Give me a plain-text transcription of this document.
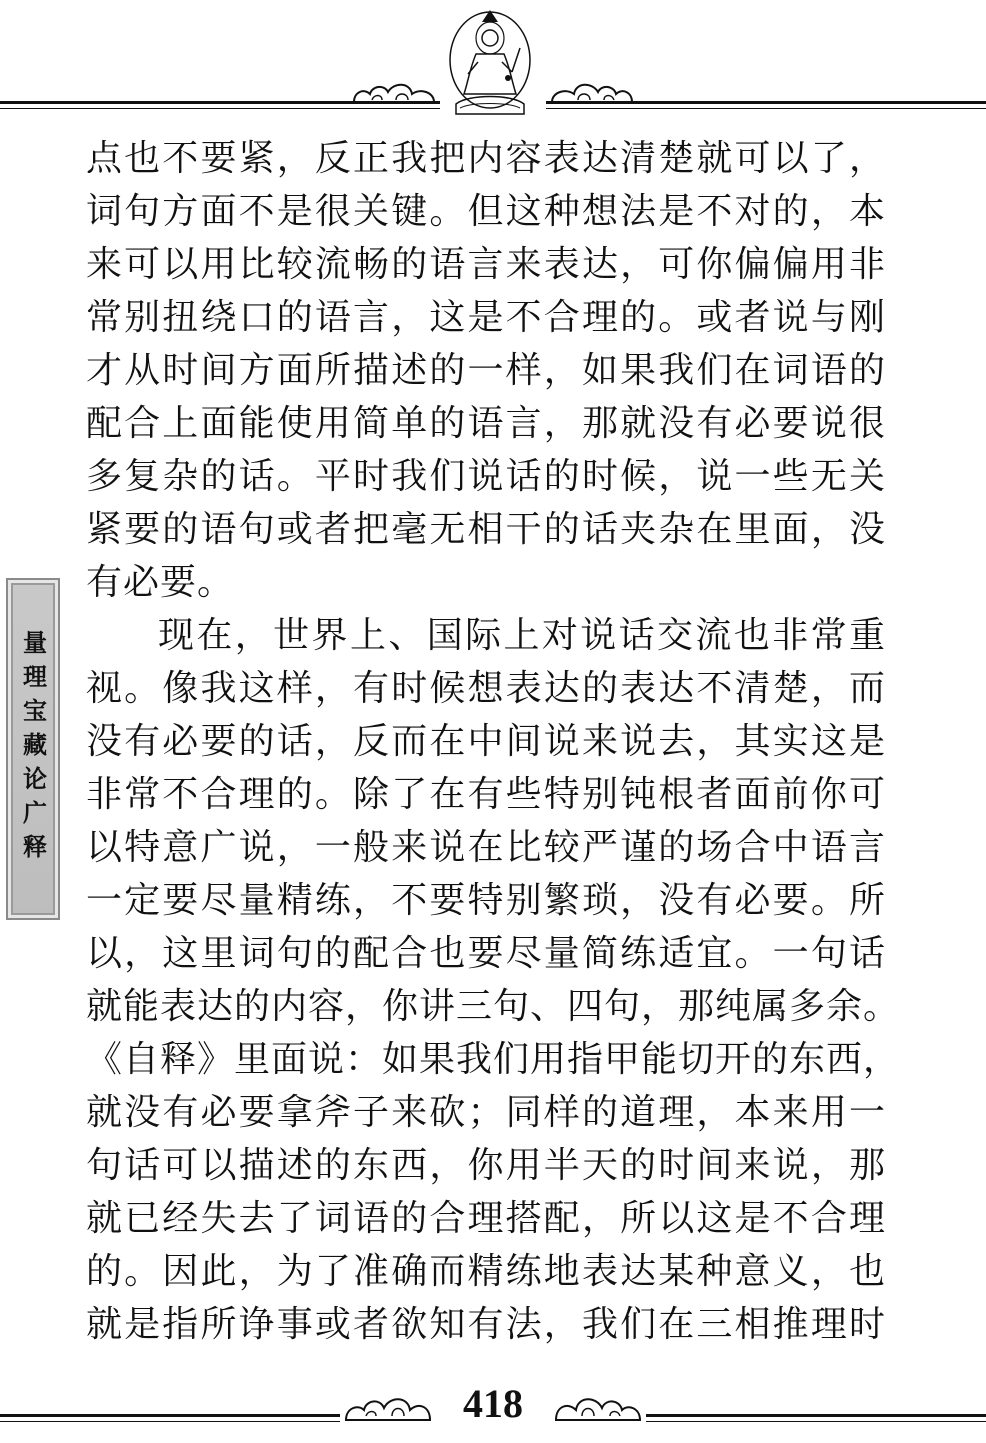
量理宝藏论广释
点也不要紧，反正我把内容表达清楚就可以了，
词句方面不是很关键。但这种想法是不对的，本
来可以用比较流畅的语言来表达，可你偏偏用非
常别扭绕口的语言，这是不合理的。或者说与刚
才从时间方面所描述的一样，如果我们在词语的
配合上面能使用简单的语言，那就没有必要说很
多复杂的话。平时我们说话的时候，说一些无关
紧要的语句或者把毫无相干的话夹杂在里面，没
有必要。
现在，世界上、国际上对说话交流也非常重
视。像我这样，有时候想表达的表达不清楚，而
没有必要的话，反而在中间说来说去，其实这是
非常不合理的。除了在有些特别钝根者面前你可
以特意广说，一般来说在比较严谨的场合中语言
一定要尽量精练，不要特别繁琐，没有必要。所
以，这里词句的配合也要尽量简练适宜。一句话
就能表达的内容，你讲三句、四句，那纯属多余。
《自释》里面说：如果我们用指甲能切开的东西，
就没有必要拿斧子来砍；同样的道理，本来用一
句话可以描述的东西，你用半天的时间来说，那
就已经失去了词语的合理搭配，所以这是不合理
的。因此，为了准确而精练地表达某种意义，也
就是指所诤事或者欲知有法，我们在三相推理时
418
